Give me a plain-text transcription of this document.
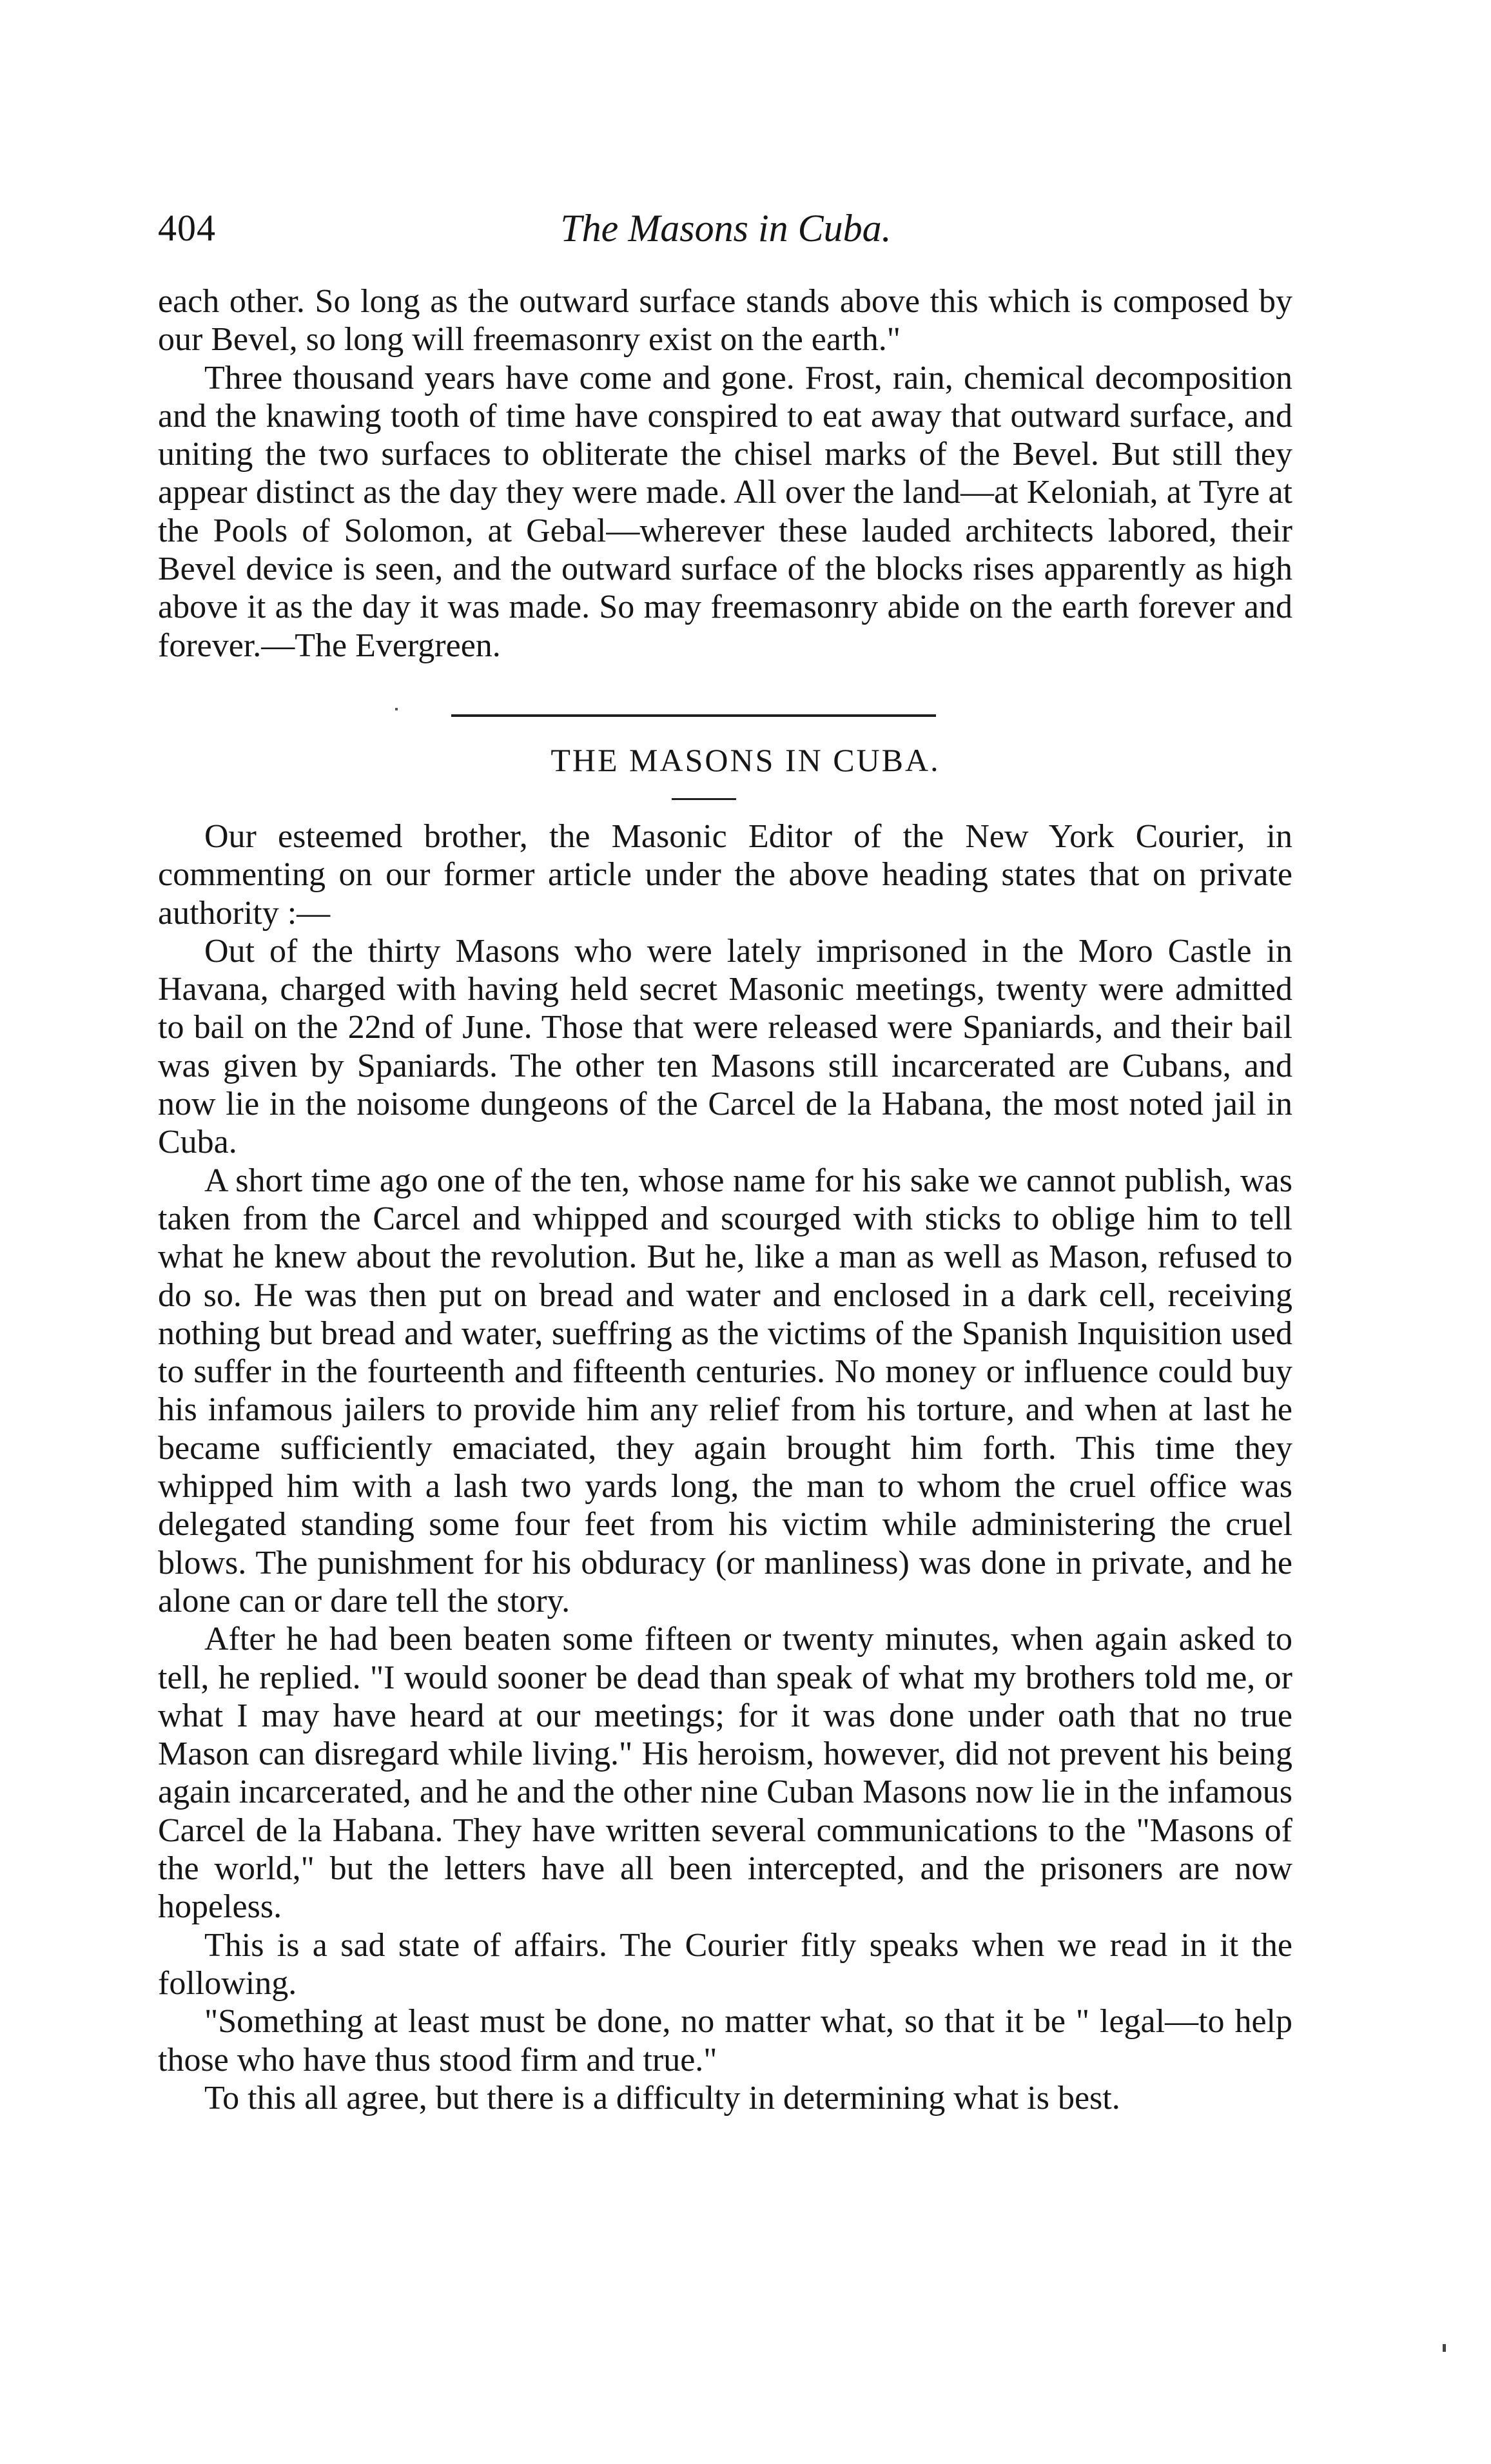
404	The Masons in Cuba.

each other. So long as the outward surface stands above this which is composed by our Bevel, so long will freemasonry exist on the earth."

Three thousand years have come and gone. Frost, rain, chemical decomposition and the knawing tooth of time have conspired to eat away that outward surface, and uniting the two surfaces to obliterate the chisel marks of the Bevel. But still they appear distinct as the day they were made. All over the land—at Keloniah, at Tyre at the Pools of Solomon, at Gebal—wherever these lauded architects labored, their Bevel device is seen, and the outward surface of the blocks rises apparently as high above it as the day it was made. So may freemasonry abide on the earth forever and forever.—The Evergreen.

THE MASONS IN CUBA.

Our esteemed brother, the Masonic Editor of the New York Courier, in commenting on our former article under the above heading states that on private authority :—

Out of the thirty Masons who were lately imprisoned in the Moro Castle in Havana, charged with having held secret Masonic meetings, twenty were admitted to bail on the 22nd of June. Those that were released were Spaniards, and their bail was given by Spaniards. The other ten Masons still incarcerated are Cubans, and now lie in the noisome dungeons of the Carcel de la Habana, the most noted jail in Cuba.

A short time ago one of the ten, whose name for his sake we cannot publish, was taken from the Carcel and whipped and scourged with sticks to oblige him to tell what he knew about the revolution. But he, like a man as well as Mason, refused to do so. He was then put on bread and water and enclosed in a dark cell, receiving nothing but bread and water, sueffring as the victims of the Spanish Inquisition used to suffer in the fourteenth and fifteenth centuries. No money or influence could buy his infamous jailers to provide him any relief from his torture, and when at last he became sufficiently emaciated, they again brought him forth. This time they whipped him with a lash two yards long, the man to whom the cruel office was delegated standing some four feet from his victim while administering the cruel blows. The punishment for his obduracy (or manliness) was done in private, and he alone can or dare tell the story.

After he had been beaten some fifteen or twenty minutes, when again asked to tell, he replied. "I would sooner be dead than speak of what my brothers told me, or what I may have heard at our meetings; for it was done under oath that no true Mason can disregard while living." His heroism, however, did not prevent his being again incarcerated, and he and the other nine Cuban Masons now lie in the infamous Carcel de la Habana. They have written several communications to the "Masons of the world," but the letters have all been intercepted, and the prisoners are now hopeless.

This is a sad state of affairs. The Courier fitly speaks when we read in it the following.

"Something at least must be done, no matter what, so that it be " legal—to help those who have thus stood firm and true."

To this all agree, but there is a difficulty in determining what is best.
